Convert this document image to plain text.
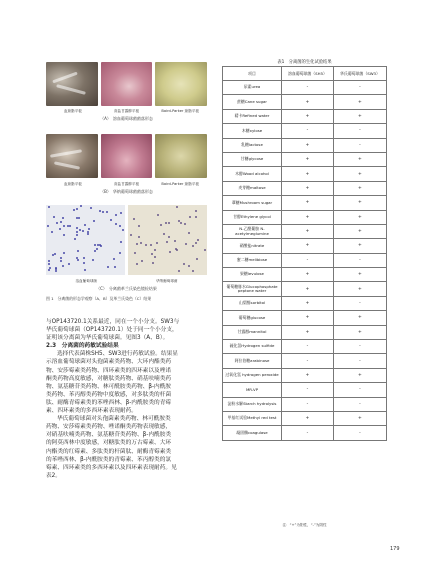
血琼脂平板	高盐甘露醇平板	Baird-Parker 琼脂平板
（A）　溶血葡萄球菌菌落形态
血琼脂平板	高盐甘露醇平板	Baird-Parker 琼脂平板
（B）　华纳葡萄球菌菌落形态
溶血葡萄球菌	华纳葡萄球菌
（C）　分离菌革兰氏染色镜检结果
图 1　分离菌的形态学观察（A、B）及革兰氏染色（C）结果

与OP143720.1关系最近，同在一个小分支。SW3与
华氏葡萄球菌（OP143720.1）处于同一个小分支，
证明该分离菌为华氏葡萄球菌。见图3（A、B）。

2.3　分离菌的药敏试验结果

选择代表菌株SH5、SW3进行药敏试验。结果显
示溶血葡萄球菌对头孢菌素类药物、大环内酯类药
物、安莎霉素类药物、四环素类的四环素以及唑诺
酮类药物高度敏感，对糖肽类药物、硝基呋喃类药
物、氨基糖苷类药物、林可酰胺类药物、β-内酰胺
类药物、苯丙醇类药物中度敏感，对多肽类的杆菌
肽、耐酶青霉素类的苯唑西林、β-内酰胺类的青霉
素、四环素类的多西环素表现耐药。

华氏葡萄球菌对头孢菌素类药物、林可酰胺类
药物、安莎霉素类药物、唑诺酮类药物表现敏感，
对硝基呋喃类药物、氨基糖苷类药物、β-内酰胺类
的阿莫西林中度敏感，对糖肽类的万古霉素、大环
内酯类的红霉素、多肽类的杆菌肽、耐酶青霉素类
的苯唑西林、β-内酰胺类的青霉素、苯丙醇类的氯
霉素、四环素类的多西环素以及四环素表现耐药。见
表2。

表1　分离菌的生化试验结果
项目	溶血葡萄球菌（SH5）	华氏葡萄球菌（SW3）
尿素urea	-	-
蔗糖Cane sugar	+	+
精卡Refined water	+	+
木糖xylose	-	-
乳糖lactose	+	-
甘糖glycose	+	+
木醇Wood alcohol	+	+
麦芽糖maltose	+	+
蕈糖Mushroom sugar	+	+
甘醇Ethylene glycol	+	+
N-乙酰葡胺 N-acetylmeglumine	+	+
硝酸盐nitrate	+	+
蜜二糖melibiose	-	-
果糖levulose	+	+
葡萄糖胨水Glucophosphate peptone water	+	+
山梨醇sorbitol	+	-
葡萄糖glucose	+	+
甘露醇mannitol	+	+
硫化氢Hydrogen sulfide	-	-
阿拉伯糖arabinose	-	-
过氧化氢 hydrogen peroxide	+	+
MR-VP	-	-
淀粉水解Starch hydrolysis	-	-
甲基红试验Methyl red test	+	+
凝固酶coagulase	-	-
注：“+”为阳性，“-”为阴性
179
